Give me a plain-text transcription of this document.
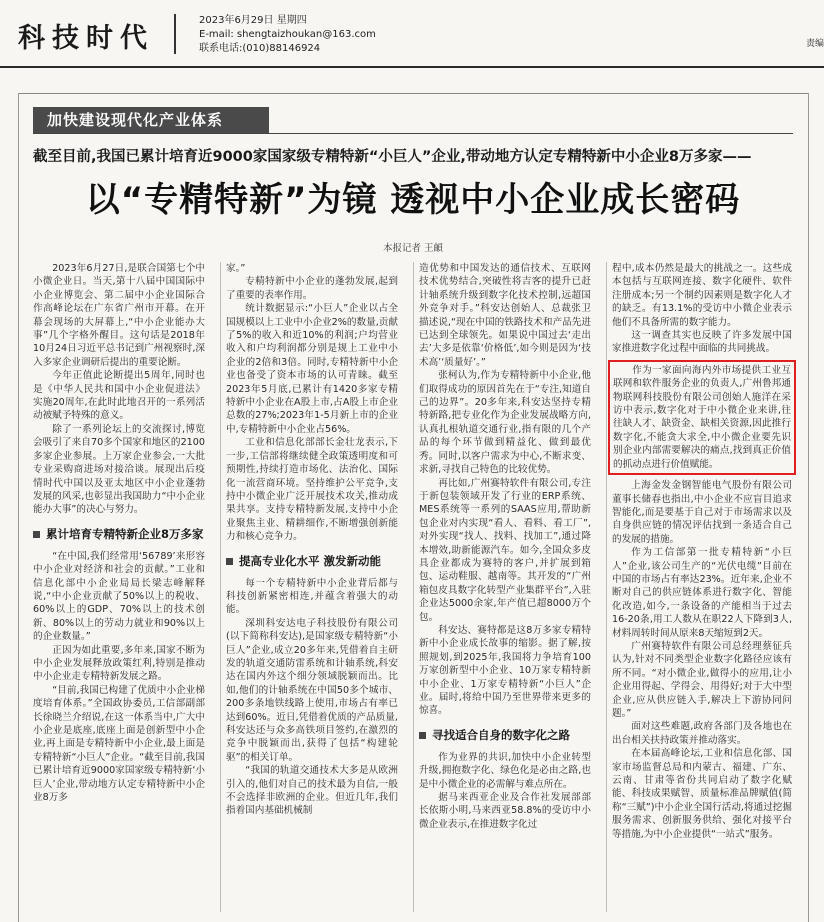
科技时代
2023年6月29日 星期四
E-mail: shengtaizhoukan@163.com
联系电话:(010)88146924	责编
加快建设现代化产业体系
截至目前,我国已累计培育近9000家国家级专精特新“小巨人”企业,带动地方认定专精特新中小企业8万多家——
以“专精特新”为镜 透视中小企业成长密码
本报记者 王頔

2023年6月27日,是联合国第七个中小微企业日。当天,第十八届中国国际中小企业博览会、第二届中小企业国际合作高峰论坛在广东省广州市开幕。在开幕会现场的大屏幕上,“中小企业能办大事”几个字格外醒目。这句话是2018年10月24日习近平总书记到广州视察时,深入多家企业调研后提出的重要论断。

今年正值此论断提出5周年,同时也是《中华人民共和国中小企业促进法》实施20周年,在此时此地召开的一系列活动被赋予特殊的意义。

除了一系列论坛上的交流探讨,博览会吸引了来自70多个国家和地区的2100多家企业参展。上万家企业参会,一大批专业采购商进场对接洽谈。展现出后疫情时代中国以及亚太地区中小企业蓬勃发展的风采,也彰显出我国助力“中小企业能办大事”的决心与努力。

累计培育专精特新企业8万多家

“在中国,我们经常用‘56789’来形容中小企业对经济和社会的贡献。”工业和信息化部中小企业局局长梁志峰解释说,“中小企业贡献了50%以上的税收、60%以上的GDP、70%以上的技术创新、80%以上的劳动力就业和90%以上的企业数量。”

正因为如此重要,多年来,国家不断为中小企业发展释放政策红利,特别是推动中小企业走专精特新发展之路。

“目前,我国已构建了优质中小企业梯度培育体系。”全国政协委员,工信部副部长徐晓兰介绍说,在这一体系当中,广大中小企业是底座,底座上面是创新型中小企业,再上面是专精特新中小企业,最上面是专精特新“小巨人”企业。“截至目前,我国已累计培育近9000家国家级专精特新‘小巨人’企业,带动地方认定专精特新中小企业8万多

家。”

专精特新中小企业的蓬勃发展,起到了重要的表率作用。

统计数据显示:“小巨人”企业以占全国规模以上工业中小企业2%的数量,贡献了5%的收入和近10%的利润;户均营业收入和户均利润都分别是规上工业中小企业的2倍和3倍。同时,专精特新中小企业也备受了资本市场的认可青睐。截至2023年5月底,已累计有1420多家专精特新中小企业在A股上市,占A股上市企业总数的27%;2023年1-5月新上市的企业中,专精特新中小企业占56%。

工业和信息化部部长金壮龙表示,下一步,工信部将继续健全政策透明度和可预期性,持续打造市场化、法治化、国际化一流营商环境。坚持维护公平竞争,支持中小微企业广泛开展技术攻关,推动成果共享。支持专精特新发展,支持中小企业聚焦主业、精耕细作,不断增强创新能力和核心竞争力。

提高专业化水平 激发新动能

每一个专精特新中小企业背后都与科技创新紧密相连,并蕴含着强大的动能。

深圳科安达电子科技股份有限公司(以下简称科安达),是国家级专精特新“小巨人”企业,成立20多年来,凭借着自主研发的轨道交通防雷系统和计轴系统,科安达在国内外这个细分领域脱颖而出。比如,他们的计轴系统在中国50多个城市、200多条地铁线路上使用,市场占有率已达到60%。近日,凭借着优质的产品质量,科安达还与众多高铁项目签约,在激烈的竞争中脱颖而出,获得了包括“构建轮驱”的相关订单。

“我国的轨道交通技术大多是从欧洲引入的,他们对自己的技术最为自信,一般不会选择非欧洲的企业。但近几年,我们指着国内基础机械制

造优势和中国发达的通信技术、互联网技术优势结合,突破性将吉客的提升已赶计轴系统升级到数字化技术控制,远超国外竞争对手。”科安达创始人、总裁张卫描述说,“现在中国的铁路技术和产品先进已达到全球领先。如果说中国过去‘走出去’大多是依靠‘价格低’,如今则是因为‘技术高’‘质量好’。”

张柯认为,作为专精特新中小企业,他们取得成功的原因首先在于“专注,知道自己的边界”。20多年来,科安达坚持专精特新路,把专业化作为企业发展战略方向,认真扎根轨道交通行业,指有限的几个产品的每个环节做到精益化、做到最优秀。同时,以客户需求为中心,不断求变、求新,寻找自己特色的比较优势。

再比如,广州赛特软件有限公司,专注于新包装领域开发了行业的ERP系统、MES系统等一系列的SAAS应用,帮助新包企业对内实现“看人、看料、看工厂”,对外实现“找人、找料、找加工”,通过降本增效,助新能源汽车。如今,全国众多皮具企业都成为赛特的客户,并扩展到箱包、运动鞋服、越南等。其开发的“广州箱包皮具数字化转型产业集群平台”,入驻企业达5000余家,年产值已超8000万个包。

科安达、赛特都是这8万多家专精特新中小企业成长故事的缩影。据了解,按照规划,到2025年,我国将力争培育100万家创新型中小企业、10万家专精特新中小企业、1万家专精特新“小巨人”企业。届时,将给中国乃至世界带来更多的惊喜。

寻找适合自身的数字化之路

作为业界的共识,加快中小企业转型升级,拥抱数字化、绿色化是必由之路,也是中小微企业的必需解与难点所在。

据马来西亚企业及合作社发展部部长依斯小明,马来西亚58.8%的受访中小微企业表示,在推进数字化过

程中,成本仍然是最大的挑战之一。这些成本包括与互联网连接、数字化硬件、软件注册成本;另一个制约因素则是数字化人才的缺乏。有13.1%的受访中小微企业表示他们不具备所需的数字能力。

这一调查其实也反映了许多发展中国家推进数字化过程中面临的共同挑战。

作为一家面向海内外市场提供工业互联网和软件服务企业的负责人,广州鲁邦通物联网科技股份有限公司创始人施洋在采访中表示,数字化对于中小微企业来讲,往往缺人才、缺资金、缺相关资源,因此推行数字化,不能贪大求全,中小微企业要先识别企业内部需要解决的痛点,找到真正价值的抓动点进行价值赋能。

上海金发金钢智能电气股份有限公司董事长储春也指出,中小企业不应盲目追求智能化,而是要基于自己对于市场需求以及自身供应链的情况评估找到一条适合自己的发展的措施。

作为工信部第一批专精特新“小巨人”企业,该公司生产的“光伏电缆”目前在中国的市场占有率达23%。近年来,企业不断对自己的供应链体系进行数字化、智能化改造,如今,一条设备的产能相当于过去16-20条,用工人数从在职22人下降到3人,材料周转时间从原来8天缩短到2天。

广州赛特软件有限公司总经理蔡征兵认为,针对不同类型企业数字化路径应该有所不同。“对小微企业,做得小的应用,让小企业用得起、学得会、用得好;对于大中型企业,应从供应链入手,解决上下游协同问题。”

面对这些难题,政府各部门及各地也在出台相关扶持政策并推动落实。

在本届高峰论坛,工业和信息化部、国家市场监督总局和内蒙古、福建、广东、云南、甘肃等省份共同启动了数字化赋能、科技成果赋智、质量标准品牌赋值(简称“三赋”)中小企业全国行活动,将通过挖掘服务需求、创新服务供给、强化对接平台等措施,为中小企业提供“一站式”服务。
